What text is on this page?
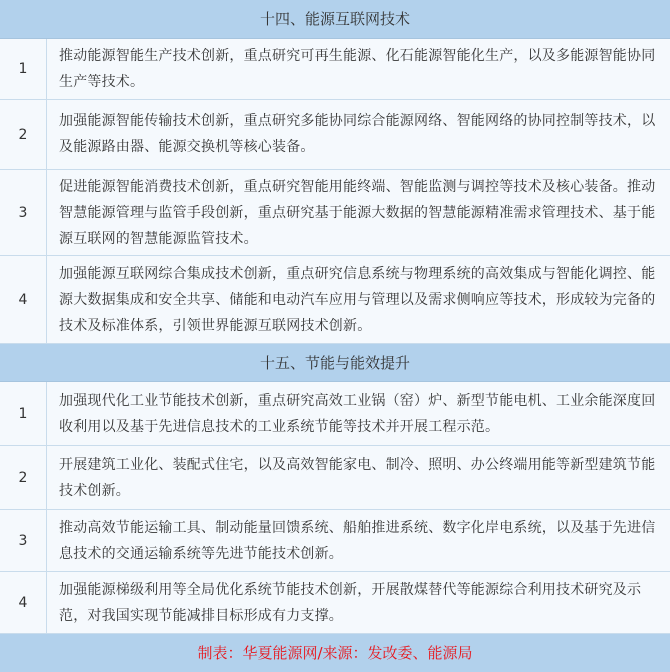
十四、能源互联网技术
1
推动能源智能生产技术创新，重点研究可再生能源、化石能源智能化生产，以及多能源智能协同生产等技术。
2
加强能源智能传输技术创新，重点研究多能协同综合能源网络、智能网络的协同控制等技术，以及能源路由器、能源交换机等核心装备。
3
促进能源智能消费技术创新，重点研究智能用能终端、智能监测与调控等技术及核心装备。推动智慧能源管理与监管手段创新，重点研究基于能源大数据的智慧能源精准需求管理技术、基于能源互联网的智慧能源监管技术。
4
加强能源互联网综合集成技术创新，重点研究信息系统与物理系统的高效集成与智能化调控、能源大数据集成和安全共享、储能和电动汽车应用与管理以及需求侧响应等技术，形成较为完备的技术及标准体系，引领世界能源互联网技术创新。
十五、节能与能效提升
1
加强现代化工业节能技术创新，重点研究高效工业锅（窑）炉、新型节能电机、工业余能深度回收利用以及基于先进信息技术的工业系统节能等技术并开展工程示范。
2
开展建筑工业化、装配式住宅，以及高效智能家电、制冷、照明、办公终端用能等新型建筑节能技术创新。
3
推动高效节能运输工具、制动能量回馈系统、船舶推进系统、数字化岸电系统，以及基于先进信息技术的交通运输系统等先进节能技术创新。
4
加强能源梯级利用等全局优化系统节能技术创新，开展散煤替代等能源综合利用技术研究及示范，对我国实现节能减排目标形成有力支撑。
制表：华夏能源网/来源：发改委、能源局
